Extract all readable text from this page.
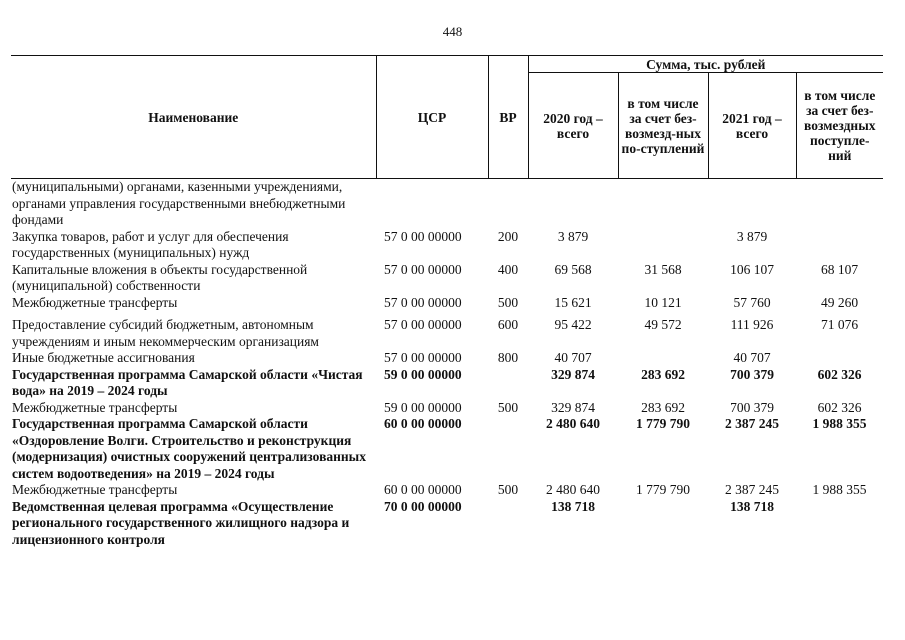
448
Наименование	ЦСР	ВР	Сумма, тыс. рублей			
			2020 год – всего	в том числе за счет без-возмезд-ных по-ступлений	2021 год – всего	в том числе за счет без-возмездных поступле-ний
(муниципальными) органами, казенными учреждениями, органами управления государственными внебюджетными фондами						
Закупка товаров, работ и услуг для обеспечения государственных (муниципальных) нужд	57 0 00 00000	200	3 879		3 879	
Капитальные вложения в объекты государственной (муниципальной) собственности	57 0 00 00000	400	69 568	31 568	106 107	68 107
Межбюджетные трансферты	57 0 00 00000	500	15 621	10 121	57 760	49 260
Предоставление субсидий бюджетным, автономным учреждениям и иным некоммерческим организациям	57 0 00 00000	600	95 422	49 572	111 926	71 076
Иные бюджетные ассигнования	57 0 00 00000	800	40 707		40 707	
Государственная программа Самарской области «Чистая вода» на 2019 – 2024 годы	59 0 00 00000		329 874	283 692	700 379	602 326
Межбюджетные трансферты	59 0 00 00000	500	329 874	283 692	700 379	602 326
Государственная программа Самарской области «Оздоровление Волги. Строительство и реконструкция (модернизация) очистных сооружений централизованных систем водоотведения» на 2019 – 2024 годы	60 0 00 00000		2 480 640	1 779 790	2 387 245	1 988 355
Межбюджетные трансферты	60 0 00 00000	500	2 480 640	1 779 790	2 387 245	1 988 355
Ведомственная целевая программа «Осуществление регионального государственного жилищного надзора и лицензионного контроля	70 0 00 00000		138 718		138 718	
